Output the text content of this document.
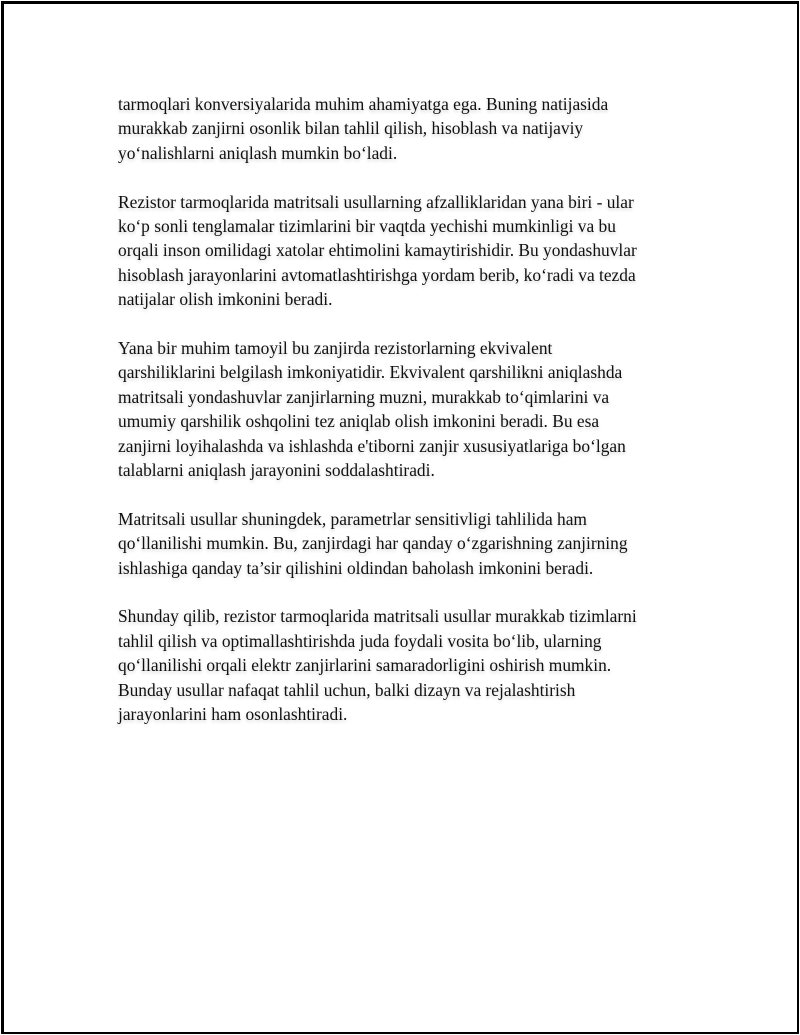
tarmoqlari konversiyalarida muhim ahamiyatga ega. Buning natijasida
murakkab zanjirni osonlik bilan tahlil qilish, hisoblash va natijaviy
yo‘nalishlarni aniqlash mumkin bo‘ladi.

Rezistor tarmoqlarida matritsali usullarning afzalliklaridan yana biri - ular
ko‘p sonli tenglamalar tizimlarini bir vaqtda yechishi mumkinligi va bu
orqali inson omilidagi xatolar ehtimolini kamaytirishidir. Bu yondashuvlar
hisoblash jarayonlarini avtomatlashtirishga yordam berib, ko‘radi va tezda
natijalar olish imkonini beradi.

Yana bir muhim tamoyil bu zanjirda rezistorlarning ekvivalent
qarshiliklarini belgilash imkoniyatidir. Ekvivalent qarshilikni aniqlashda
matritsali yondashuvlar zanjirlarning muzni, murakkab to‘qimlarini va
umumiy qarshilik oshqolini tez aniqlab olish imkonini beradi. Bu esa
zanjirni loyihalashda va ishlashda e'tiborni zanjir xususiyatlariga bo‘lgan
talablarni aniqlash jarayonini soddalashtiradi.

Matritsali usullar shuningdek, parametrlar sensitivligi tahlilida ham
qo‘llanilishi mumkin. Bu, zanjirdagi har qanday o‘zgarishning zanjirning
ishlashiga qanday ta’sir qilishini oldindan baholash imkonini beradi.

Shunday qilib, rezistor tarmoqlarida matritsali usullar murakkab tizimlarni
tahlil qilish va optimallashtirishda juda foydali vosita bo‘lib, ularning
qo‘llanilishi orqali elektr zanjirlarini samaradorligini oshirish mumkin.
Bunday usullar nafaqat tahlil uchun, balki dizayn va rejalashtirish
jarayonlarini ham osonlashtiradi.
